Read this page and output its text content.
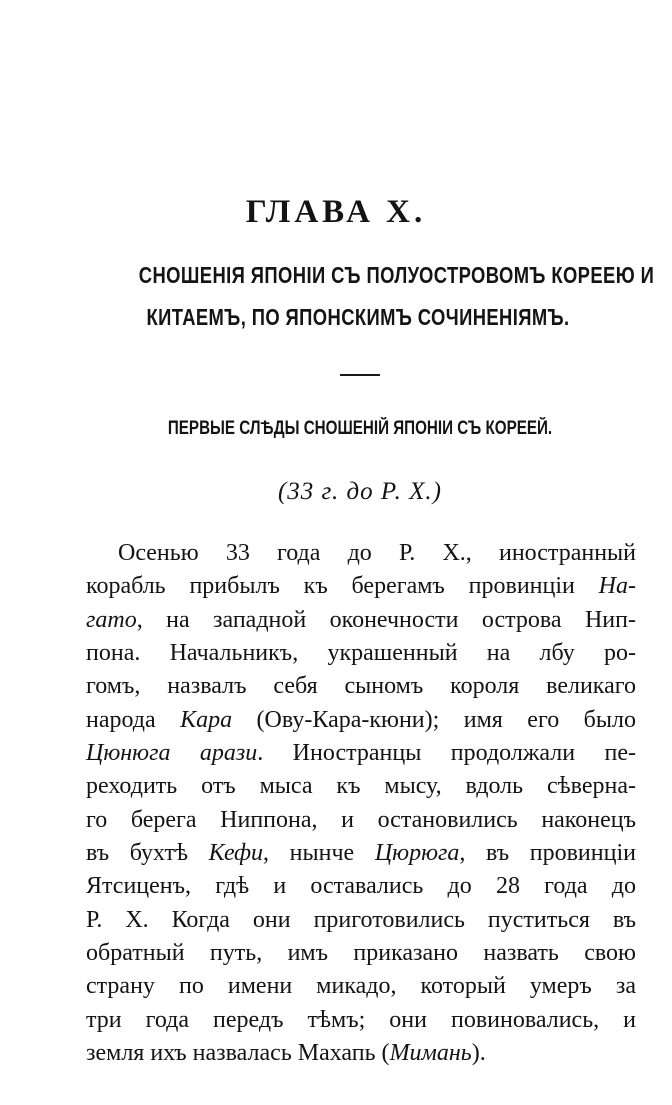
ГЛАВА X.
СНОШЕНІЯ ЯПОНІИ СЪ ПОЛУОСТРОВОМЪ КОРЕЕЮ И
КИТАЕМЪ, ПО ЯПОНСКИМЪ СОЧИНЕНІЯМЪ.
ПЕРВЫЕ СЛѢДЫ СНОШЕНІЙ ЯПОНІИ СЪ КОРЕЕЙ.
(33 г. до Р. X.)
Осенью 33 года до Р. X., иностранный
корабль прибылъ къ берегамъ провинціи На-
гато, на западной оконечности острова Нип-
пона. Начальникъ, украшенный на лбу ро-
гомъ, назвалъ себя сыномъ короля великаго
народа Кара (Ову-Кара-кюни); имя его было
Цюнюга арази. Иностранцы продолжали пе-
реходить отъ мыса къ мысу, вдоль сѣверна-
го берега Ниппона, и остановились наконецъ
въ бухтѣ Кефи, нынче Цюрюга, въ провинціи
Ятсиценъ, гдѣ и оставались до 28 года до
Р. X. Когда они приготовились пуститься въ
обратный путь, имъ приказано назвать свою
страну по имени микадо, который умеръ за
три года передъ тѣмъ; они повиновались, и
земля ихъ назвалась Махапь (Мимань).
